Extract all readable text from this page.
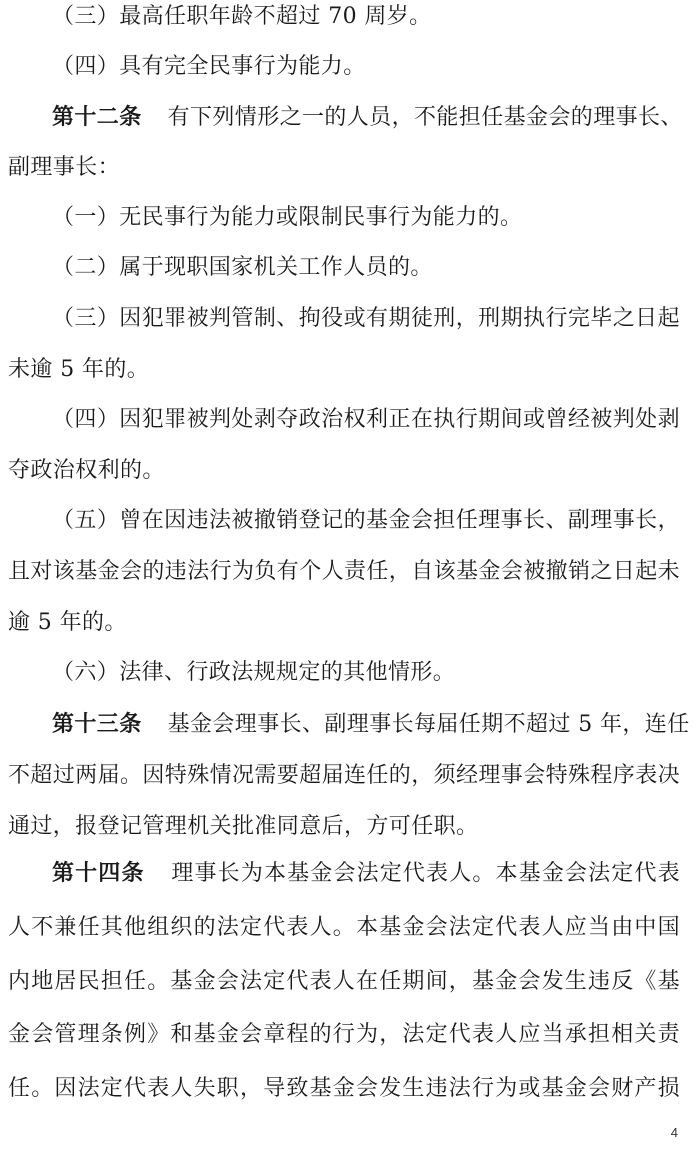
（三）最高任职年龄不超过 70 周岁。
（四）具有完全民事行为能力。
第十二条 有下列情形之一的人员，不能担任基金会的理事长、
副理事长：
（一）无民事行为能力或限制民事行为能力的。
（二）属于现职国家机关工作人员的。
（三）因犯罪被判管制、拘役或有期徒刑，刑期执行完毕之日起
未逾 5 年的。
（四）因犯罪被判处剥夺政治权利正在执行期间或曾经被判处剥
夺政治权利的。
（五）曾在因违法被撤销登记的基金会担任理事长、副理事长，
且对该基金会的违法行为负有个人责任，自该基金会被撤销之日起未
逾 5 年的。
（六）法律、行政法规规定的其他情形。
第十三条 基金会理事长、副理事长每届任期不超过 5 年，连任
不超过两届。因特殊情况需要超届连任的，须经理事会特殊程序表决
通过，报登记管理机关批准同意后，方可任职。
第十四条 理事长为本基金会法定代表人。本基金会法定代表
人不兼任其他组织的法定代表人。本基金会法定代表人应当由中国
内地居民担任。基金会法定代表人在任期间，基金会发生违反《基
金会管理条例》和基金会章程的行为，法定代表人应当承担相关责
任。因法定代表人失职，导致基金会发生违法行为或基金会财产损
4
